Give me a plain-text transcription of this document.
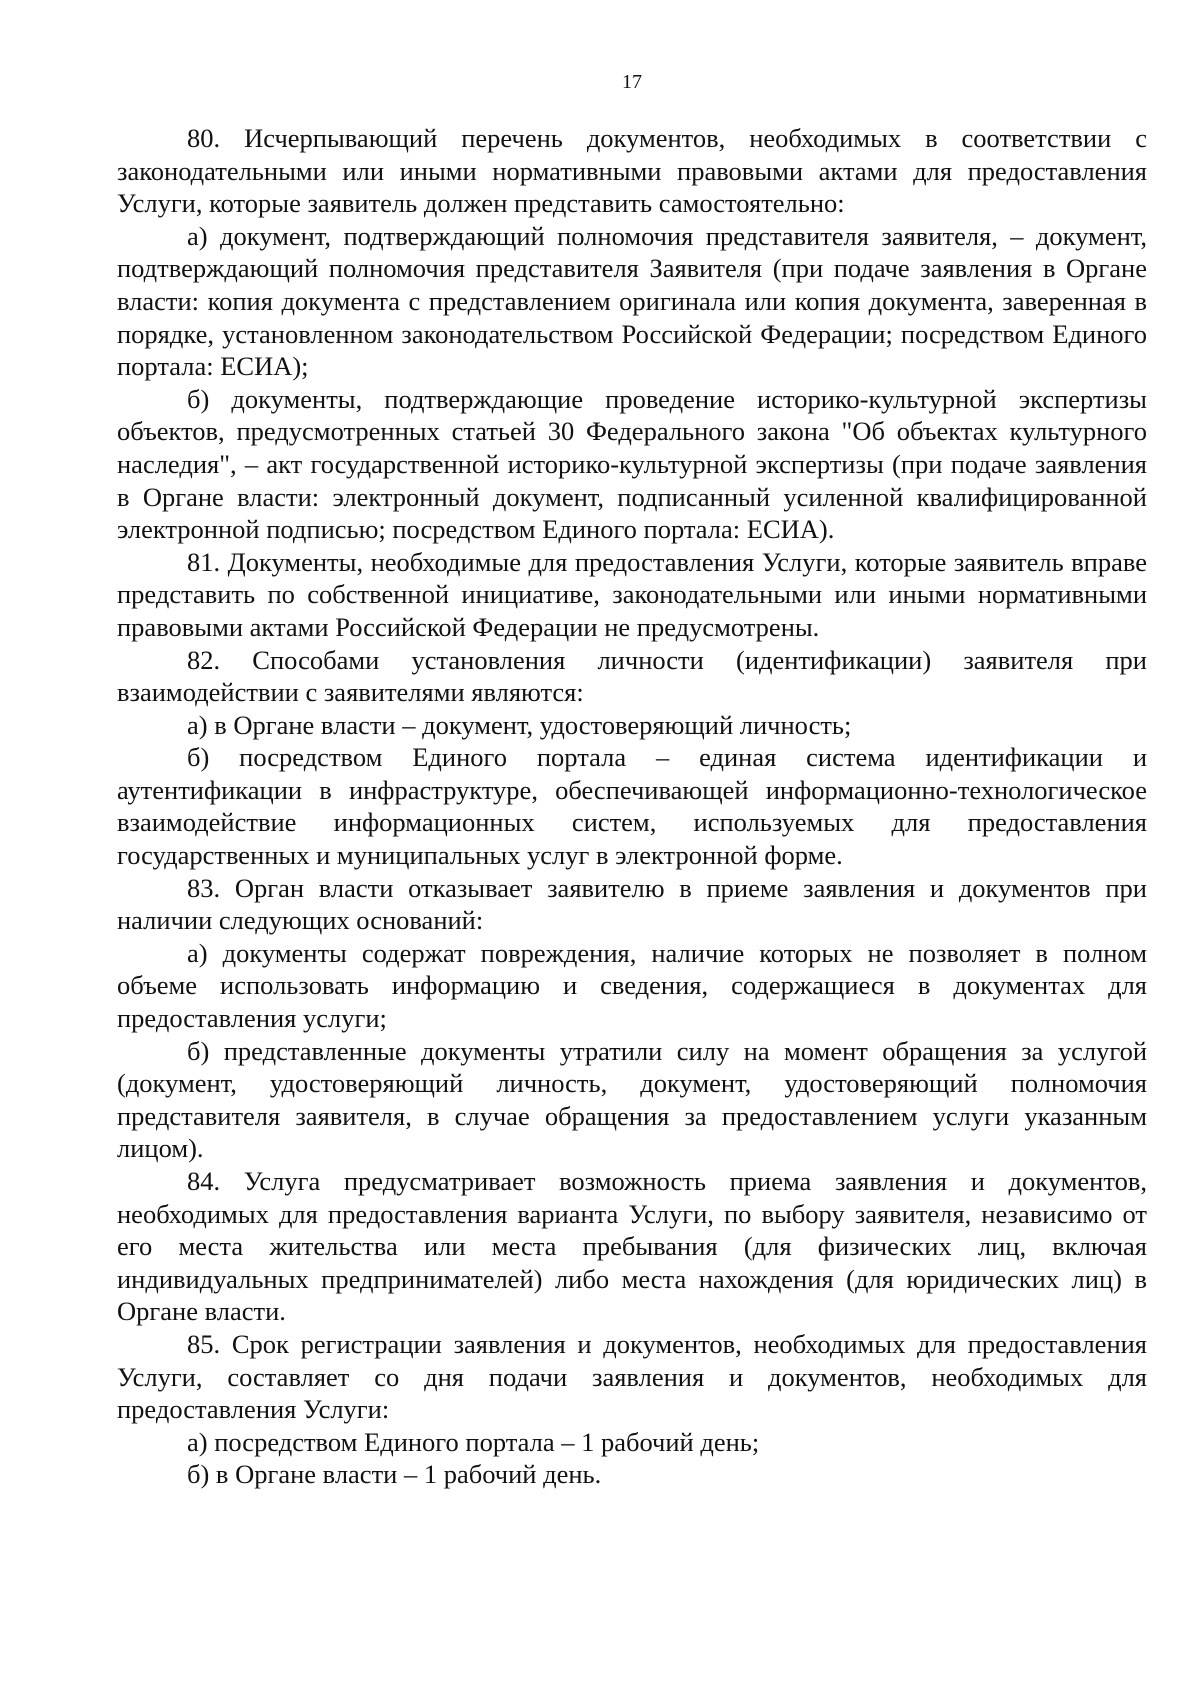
17

80. Исчерпывающий перечень документов, необходимых в соответствии с законодательными или иными нормативными правовыми актами для предоставления Услуги, которые заявитель должен представить самостоятельно:

а) документ, подтверждающий полномочия представителя заявителя, – документ, подтверждающий полномочия представителя Заявителя (при подаче заявления в Органе власти: копия документа с представлением оригинала или копия документа, заверенная в порядке, установленном законодательством Российской Федерации; посредством Единого портала: ЕСИА);

б) документы, подтверждающие проведение историко-культурной экспертизы объектов, предусмотренных статьей 30 Федерального закона "Об объектах культурного наследия", – акт государственной историко-культурной экспертизы (при подаче заявления в Органе власти: электронный документ, подписанный усиленной квалифицированной электронной подписью; посредством Единого портала: ЕСИА).

81. Документы, необходимые для предоставления Услуги, которые заявитель вправе представить по собственной инициативе, законодательными или иными нормативными правовыми актами Российской Федерации не предусмотрены.

82. Способами установления личности (идентификации) заявителя при взаимодействии с заявителями являются:

а) в Органе власти – документ, удостоверяющий личность;

б) посредством Единого портала – единая система идентификации и аутентификации в инфраструктуре, обеспечивающей информационно-технологическое взаимодействие информационных систем, используемых для предоставления государственных и муниципальных услуг в электронной форме.

83. Орган власти отказывает заявителю в приеме заявления и документов при наличии следующих оснований:

а) документы содержат повреждения, наличие которых не позволяет в полном объеме использовать информацию и сведения, содержащиеся в документах для предоставления услуги;

б) представленные документы утратили силу на момент обращения за услугой (документ, удостоверяющий личность, документ, удостоверяющий полномочия представителя заявителя, в случае обращения за предоставлением услуги указанным лицом).

84. Услуга предусматривает возможность приема заявления и документов, необходимых для предоставления варианта Услуги, по выбору заявителя, независимо от его места жительства или места пребывания (для физических лиц, включая индивидуальных предпринимателей) либо места нахождения (для юридических лиц) в Органе власти.

85. Срок регистрации заявления и документов, необходимых для предоставления Услуги, составляет со дня подачи заявления и документов, необходимых для предоставления Услуги:

а) посредством Единого портала – 1 рабочий день;

б) в Органе власти – 1 рабочий день.
